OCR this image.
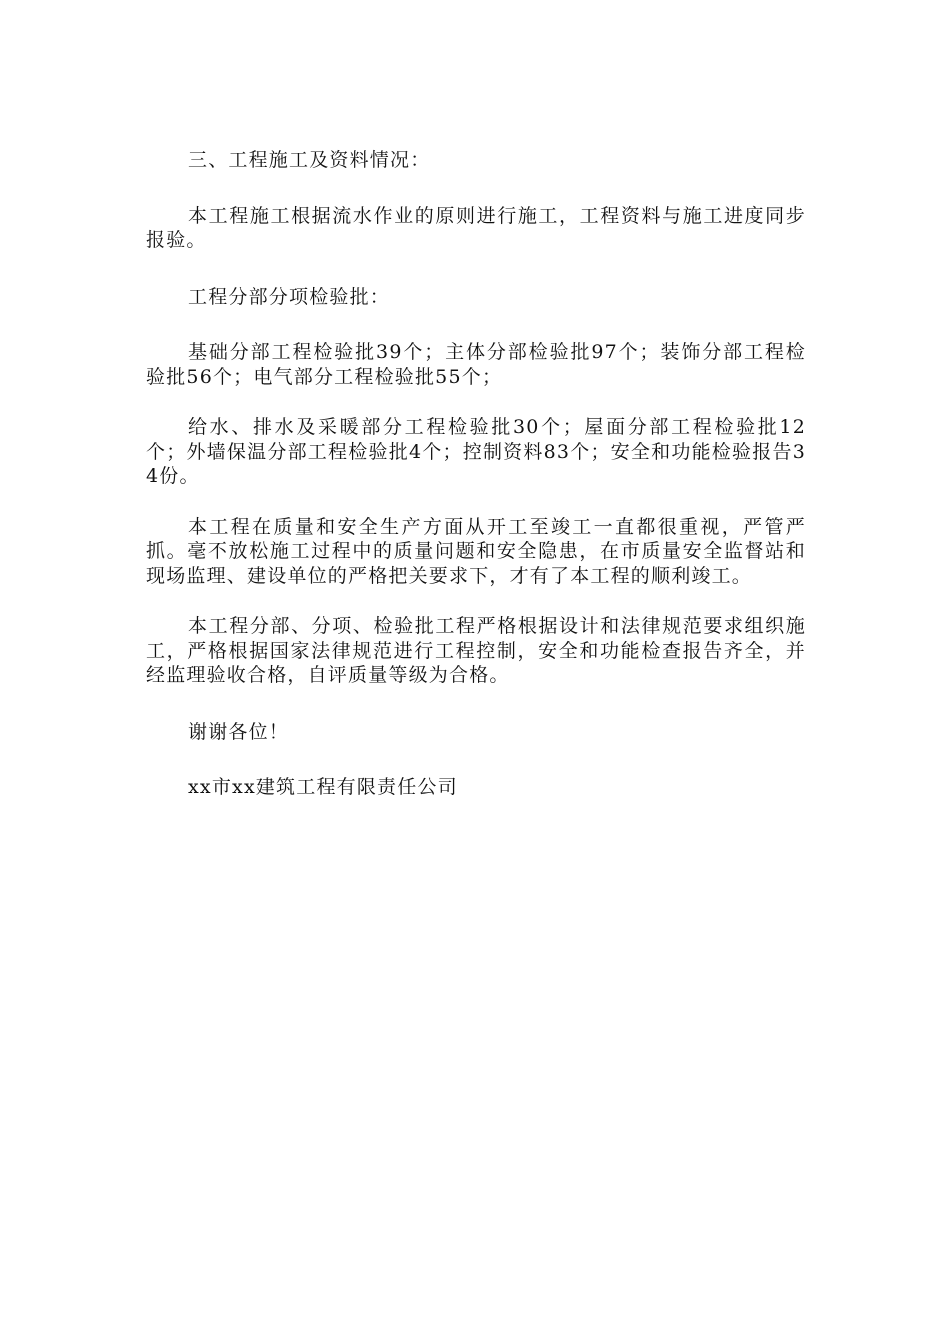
三、工程施工及资料情况：

本工程施工根据流水作业的原则进行施工，工程资料与施工进度同步报验。

工程分部分项检验批：

基础分部工程检验批39个；主体分部检验批97个；装饰分部工程检验批56个；电气部分工程检验批55个；

给水、排水及采暖部分工程检验批30个；屋面分部工程检验批12个；外墙保温分部工程检验批4个；控制资料83个；安全和功能检验报告34份。

本工程在质量和安全生产方面从开工至竣工一直都很重视，严管严抓。毫不放松施工过程中的质量问题和安全隐患，在市质量安全监督站和现场监理、建设单位的严格把关要求下，才有了本工程的顺利竣工。

本工程分部、分项、检验批工程严格根据设计和法律规范要求组织施工，严格根据国家法律规范进行工程控制，安全和功能检查报告齐全，并经监理验收合格，自评质量等级为合格。

谢谢各位！

xx市xx建筑工程有限责任公司
